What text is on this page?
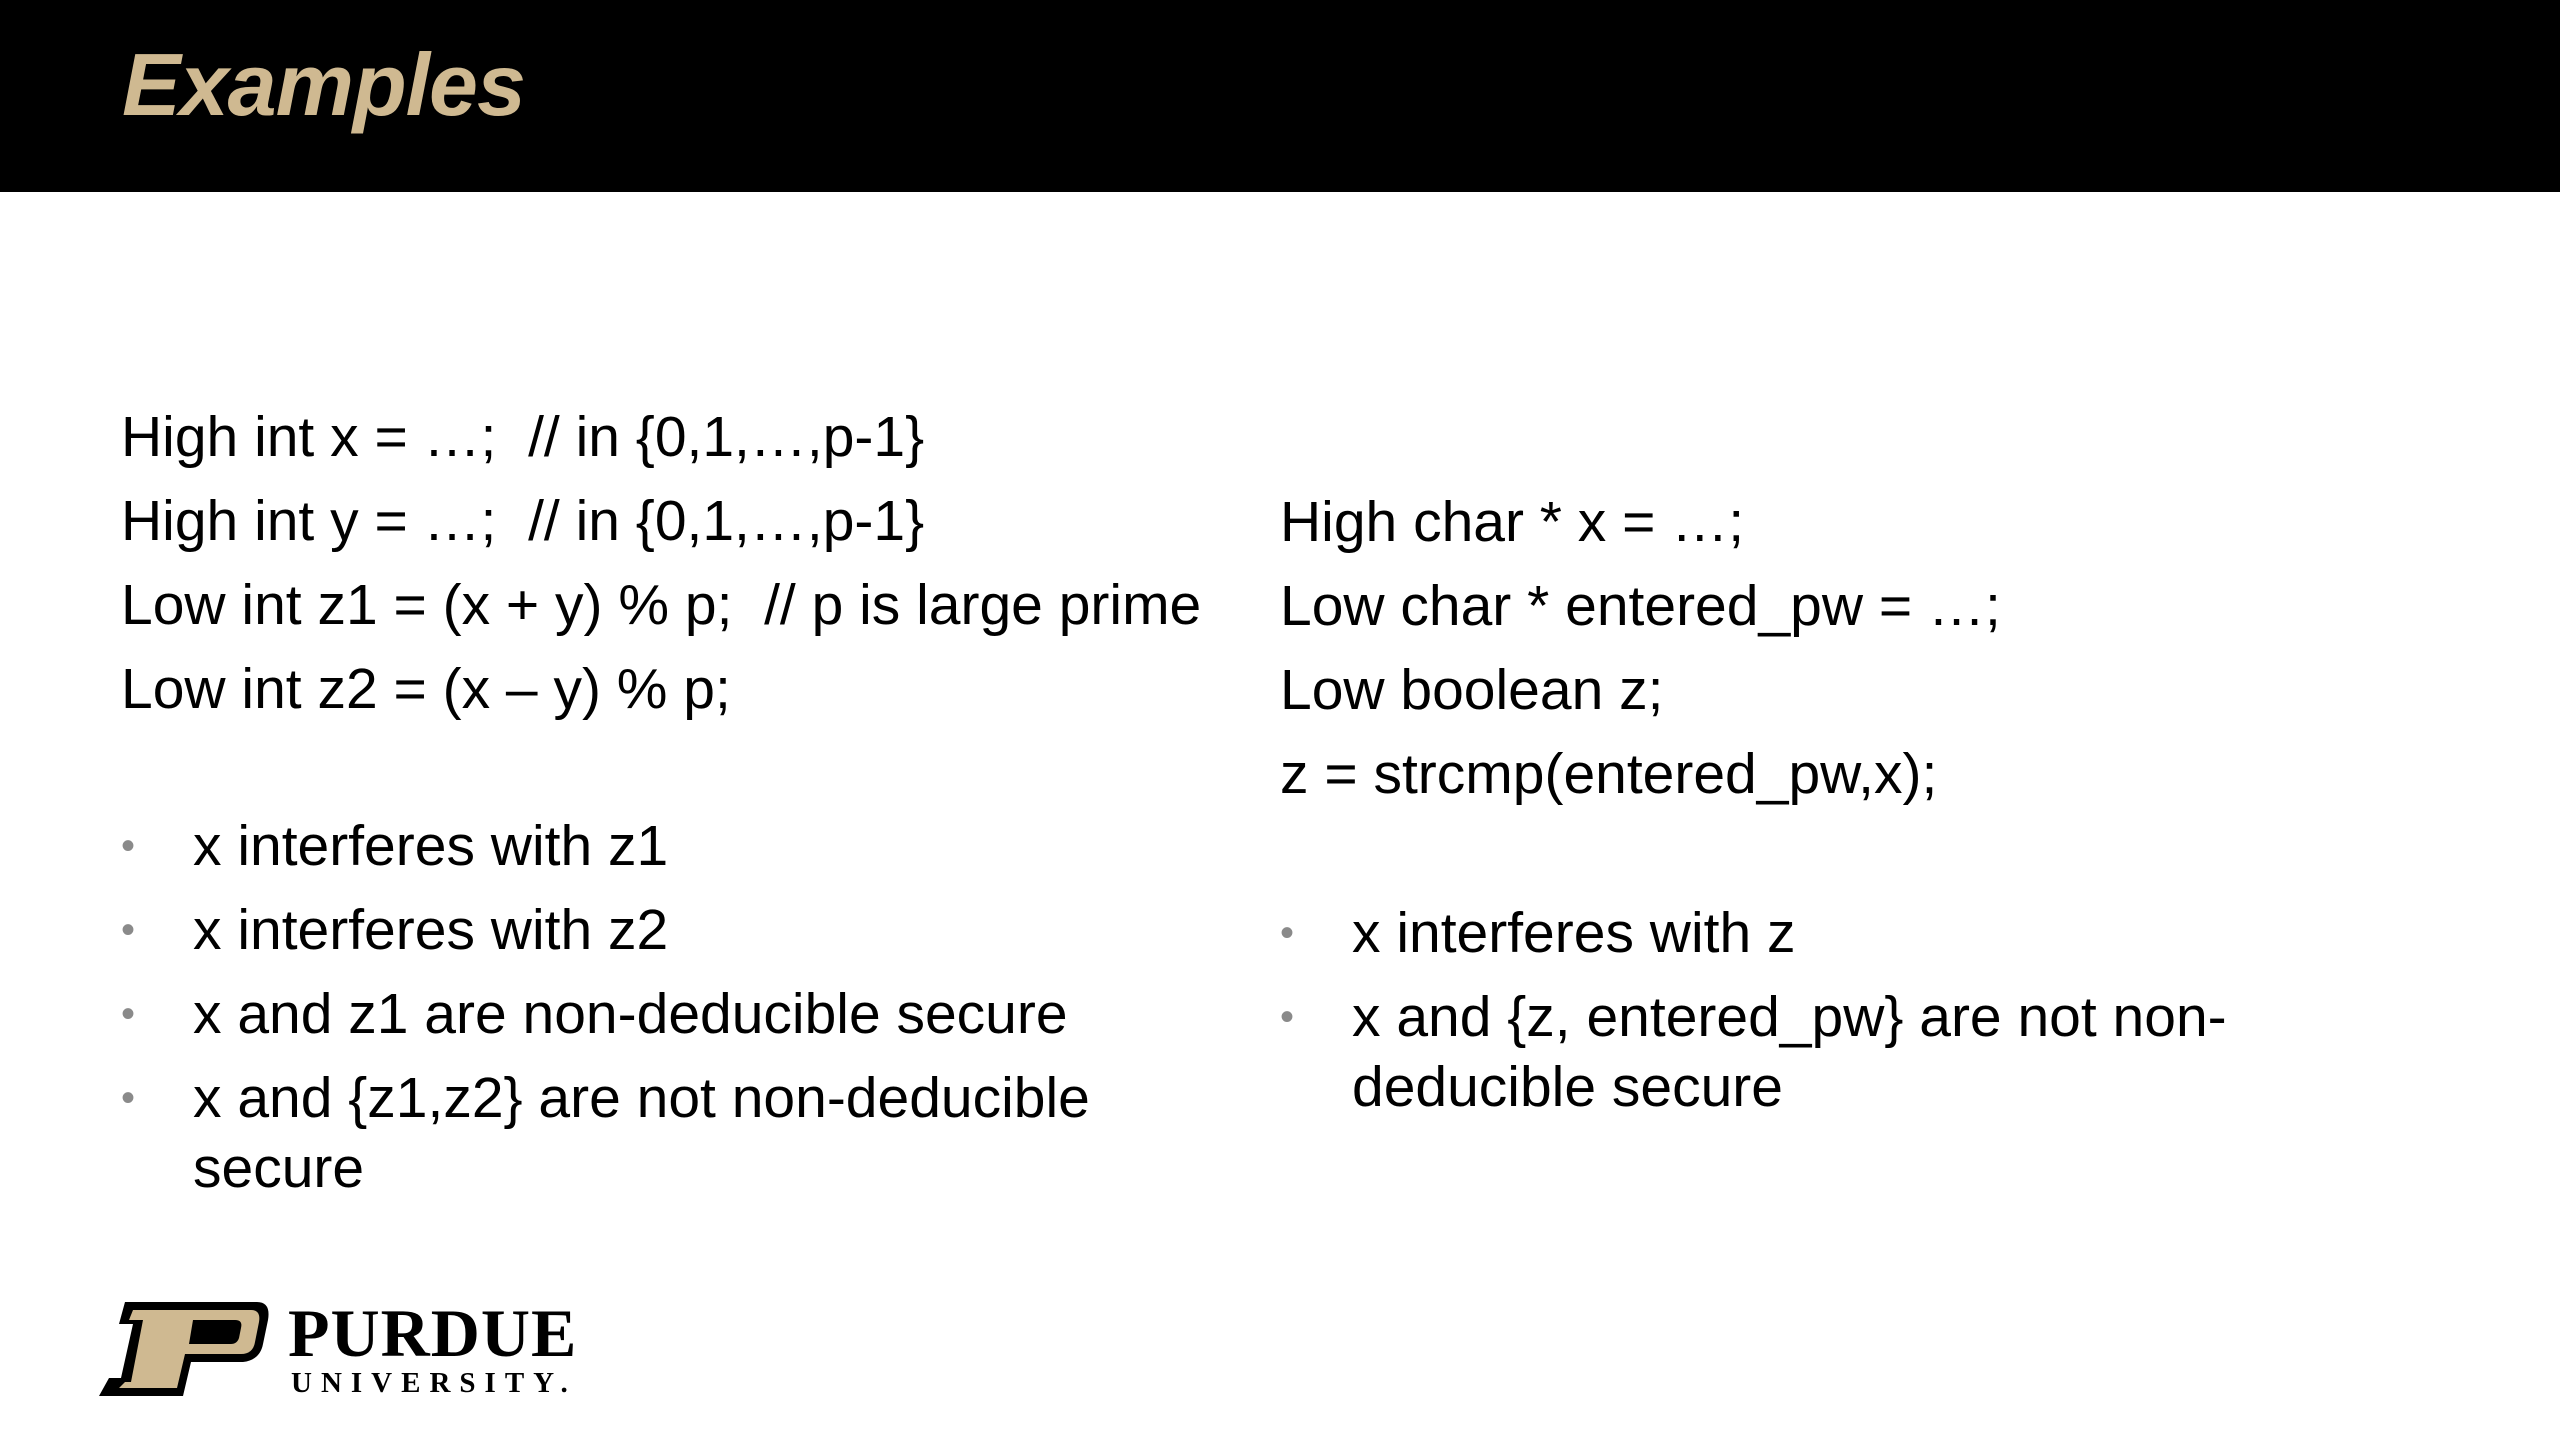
Examples
High int x = …;  // in {0,1,…,p-1}
High int y = …;  // in {0,1,…,p-1}
Low int z1 = (x + y) % p;  // p is large prime
Low int z2 = (x – y) % p;
• x interferes with z1
• x interferes with z2
• x and z1 are non-deducible secure
• x and {z1,z2} are not non-deducible secure
High char * x = …;
Low char * entered_pw = …;
Low boolean z;
z = strcmp(entered_pw,x);
• x interferes with z
• x and {z, entered_pw} are not non-deducible secure
PURDUE
UNIVERSITY.
